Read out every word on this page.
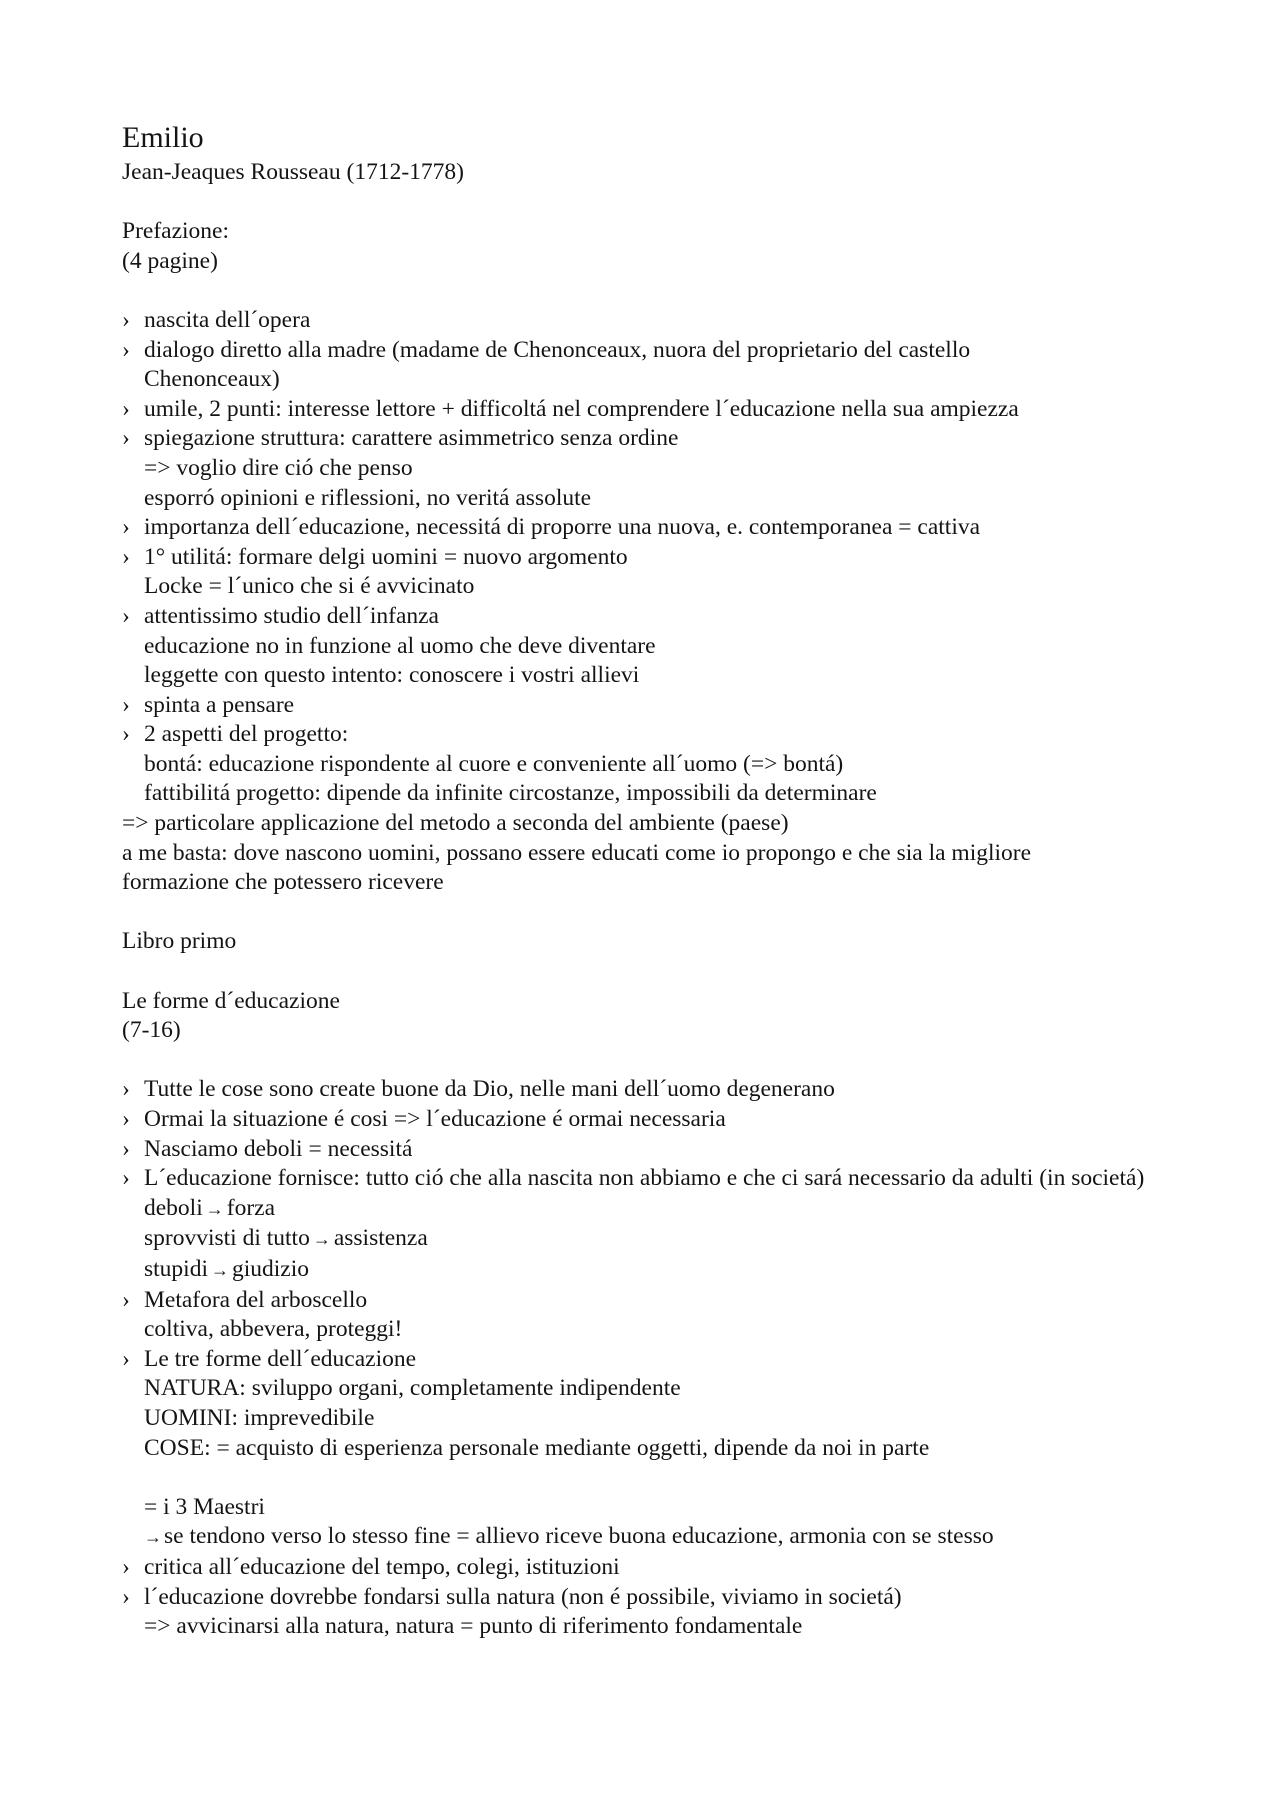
Emilio
Jean-Jeaques Rousseau (1712-1778)
Prefazione:
(4 pagine)
› nascita dell´opera
› dialogo diretto alla madre (madame de Chenonceaux, nuora del proprietario del castello Chenonceaux)
› umile, 2 punti: interesse lettore + difficoltá nel comprendere l´educazione nella sua ampiezza
› spiegazione struttura: carattere asimmetrico senza ordine
=> voglio dire ció che penso
esporró opinioni e riflessioni, no veritá assolute
› importanza dell´educazione, necessitá di proporre una nuova, e. contemporanea = cattiva
› 1° utilitá: formare delgi uomini = nuovo argomento
Locke = l´unico che si é avvicinato
› attentissimo studio dell´infanza
educazione no in funzione al uomo che deve diventare
leggette con questo intento: conoscere i vostri allievi
› spinta a pensare
› 2 aspetti del progetto:
bontá: educazione rispondente al cuore e conveniente all´uomo (=> bontá)
fattibilitá progetto: dipende da infinite circostanze, impossibili da determinare
=> particolare applicazione del metodo a seconda del ambiente (paese)
a me basta: dove nascono uomini, possano essere educati come io propongo e che sia la migliore formazione che potessero ricevere
Libro primo
Le forme d´educazione
(7-16)
› Tutte le cose sono create buone da Dio, nelle mani dell´uomo degenerano
› Ormai la situazione é cosi => l´educazione é ormai necessaria
› Nasciamo deboli = necessitá
› L´educazione fornisce: tutto ció che alla nascita non abbiamo e che ci sará necessario da adulti (in societá)
deboli → forza
sprovvisti di tutto → assistenza
stupidi → giudizio
› Metafora del arboscello
coltiva, abbevera, proteggi!
› Le tre forme dell´educazione
NATURA: sviluppo organi, completamente indipendente
UOMINI: imprevedibile
COSE: = acquisto di esperienza personale mediante oggetti, dipende da noi in parte
= i 3 Maestri
→se tendono verso lo stesso fine = allievo riceve buona educazione, armonia con se stesso
› critica all´educazione del tempo, colegi, istituzioni
› l´educazione dovrebbe fondarsi sulla natura (non é possibile, viviamo in societá)
=> avvicinarsi alla natura, natura = punto di riferimento fondamentale
